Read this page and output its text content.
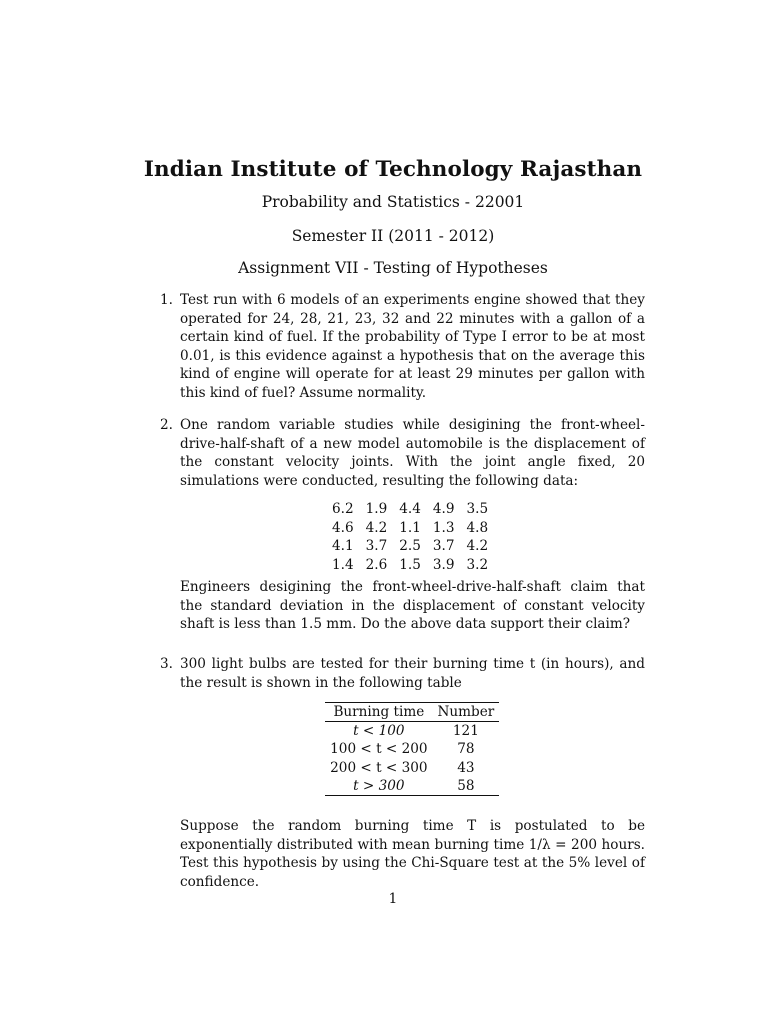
Indian Institute of Technology Rajasthan
Probability and Statistics - 22001
Semester II (2011 - 2012)
Assignment VII - Testing of Hypotheses
1. Test run with 6 models of an experiments engine showed that they operated for 24, 28, 21, 23, 32 and 22 minutes with a gallon of a certain kind of fuel. If the probability of Type I error to be at most 0.01, is this evidence against a hypothesis that on the average this kind of engine will operate for at least 29 minutes per gallon with this kind of fuel? Assume normality.
2. One random variable studies while desigining the front-wheel-drive-half-shaft of a new model automobile is the displacement of the constant velocity joints. With the joint angle fixed, 20 simulations were conducted, resulting the following data:
6.2	1.9	4.4	4.9	3.5
4.6	4.2	1.1	1.3	4.8
4.1	3.7	2.5	3.7	4.2
1.4	2.6	1.5	3.9	3.2
Engineers desigining the front-wheel-drive-half-shaft claim that the standard deviation in the displacement of constant velocity shaft is less than 1.5 mm. Do the above data support their claim?
3. 300 light bulbs are tested for their burning time t (in hours), and the result is shown in the following table
Burning time	Number
t < 100	121
100 < t < 200	78
200 < t < 300	43
t > 300	58
Suppose the random burning time T is postulated to be exponentially distributed with mean burning time 1/λ = 200 hours. Test this hypothesis by using the Chi-Square test at the 5% level of confidence.
1
